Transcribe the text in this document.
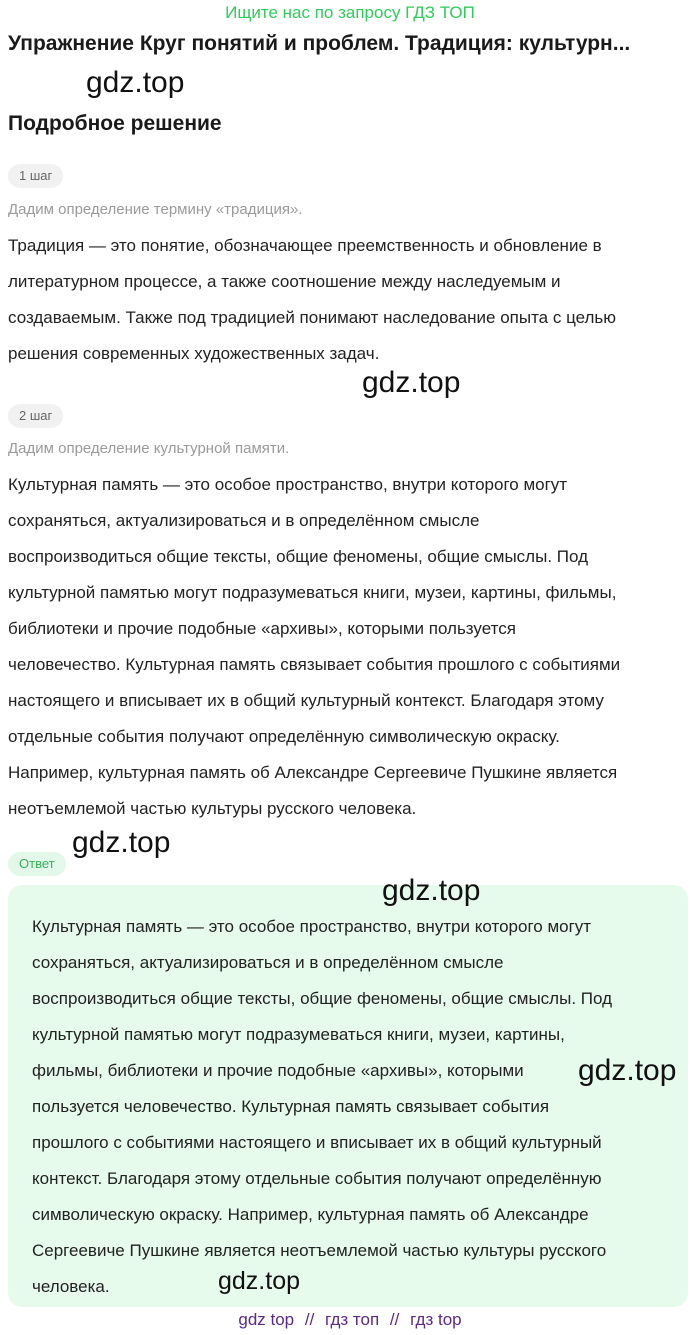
Ищите нас по запросу ГДЗ ТОП
Упражнение Круг понятий и проблем. Традиция: культурн...
gdz.top
Подробное решение
1 шаг
Дадим определение термину «традиция».
Традиция — это понятие, обозначающее преемственность и обновление в
литературном процессе, а также соотношение между наследуемым и
создаваемым. Также под традицией понимают наследование опыта с целью
решения современных художественных задач.
gdz.top
2 шаг
Дадим определение культурной памяти.
Культурная память — это особое пространство, внутри которого могут
сохраняться, актуализироваться и в определённом смысле
воспроизводиться общие тексты, общие феномены, общие смыслы. Под
культурной памятью могут подразумеваться книги, музеи, картины, фильмы,
библиотеки и прочие подобные «архивы», которыми пользуется
человечество. Культурная память связывает события прошлого с событиями
настоящего и вписывает их в общий культурный контекст. Благодаря этому
отдельные события получают определённую символическую окраску.
Например, культурная память об Александре Сергеевиче Пушкине является
неотъемлемой частью культуры русского человека.
gdz.top
Ответ
gdz.top
Культурная память — это особое пространство, внутри которого могут
сохраняться, актуализироваться и в определённом смысле
воспроизводиться общие тексты, общие феномены, общие смыслы. Под
культурной памятью могут подразумеваться книги, музеи, картины,
фильмы, библиотеки и прочие подобные «архивы», которыми
пользуется человечество. Культурная память связывает события
прошлого с событиями настоящего и вписывает их в общий культурный
контекст. Благодаря этому отдельные события получают определённую
символическую окраску. Например, культурная память об Александре
Сергеевиче Пушкине является неотъемлемой частью культуры русского
человека.
gdz.top
gdz.top
gdz top // гдз топ // гдз top
